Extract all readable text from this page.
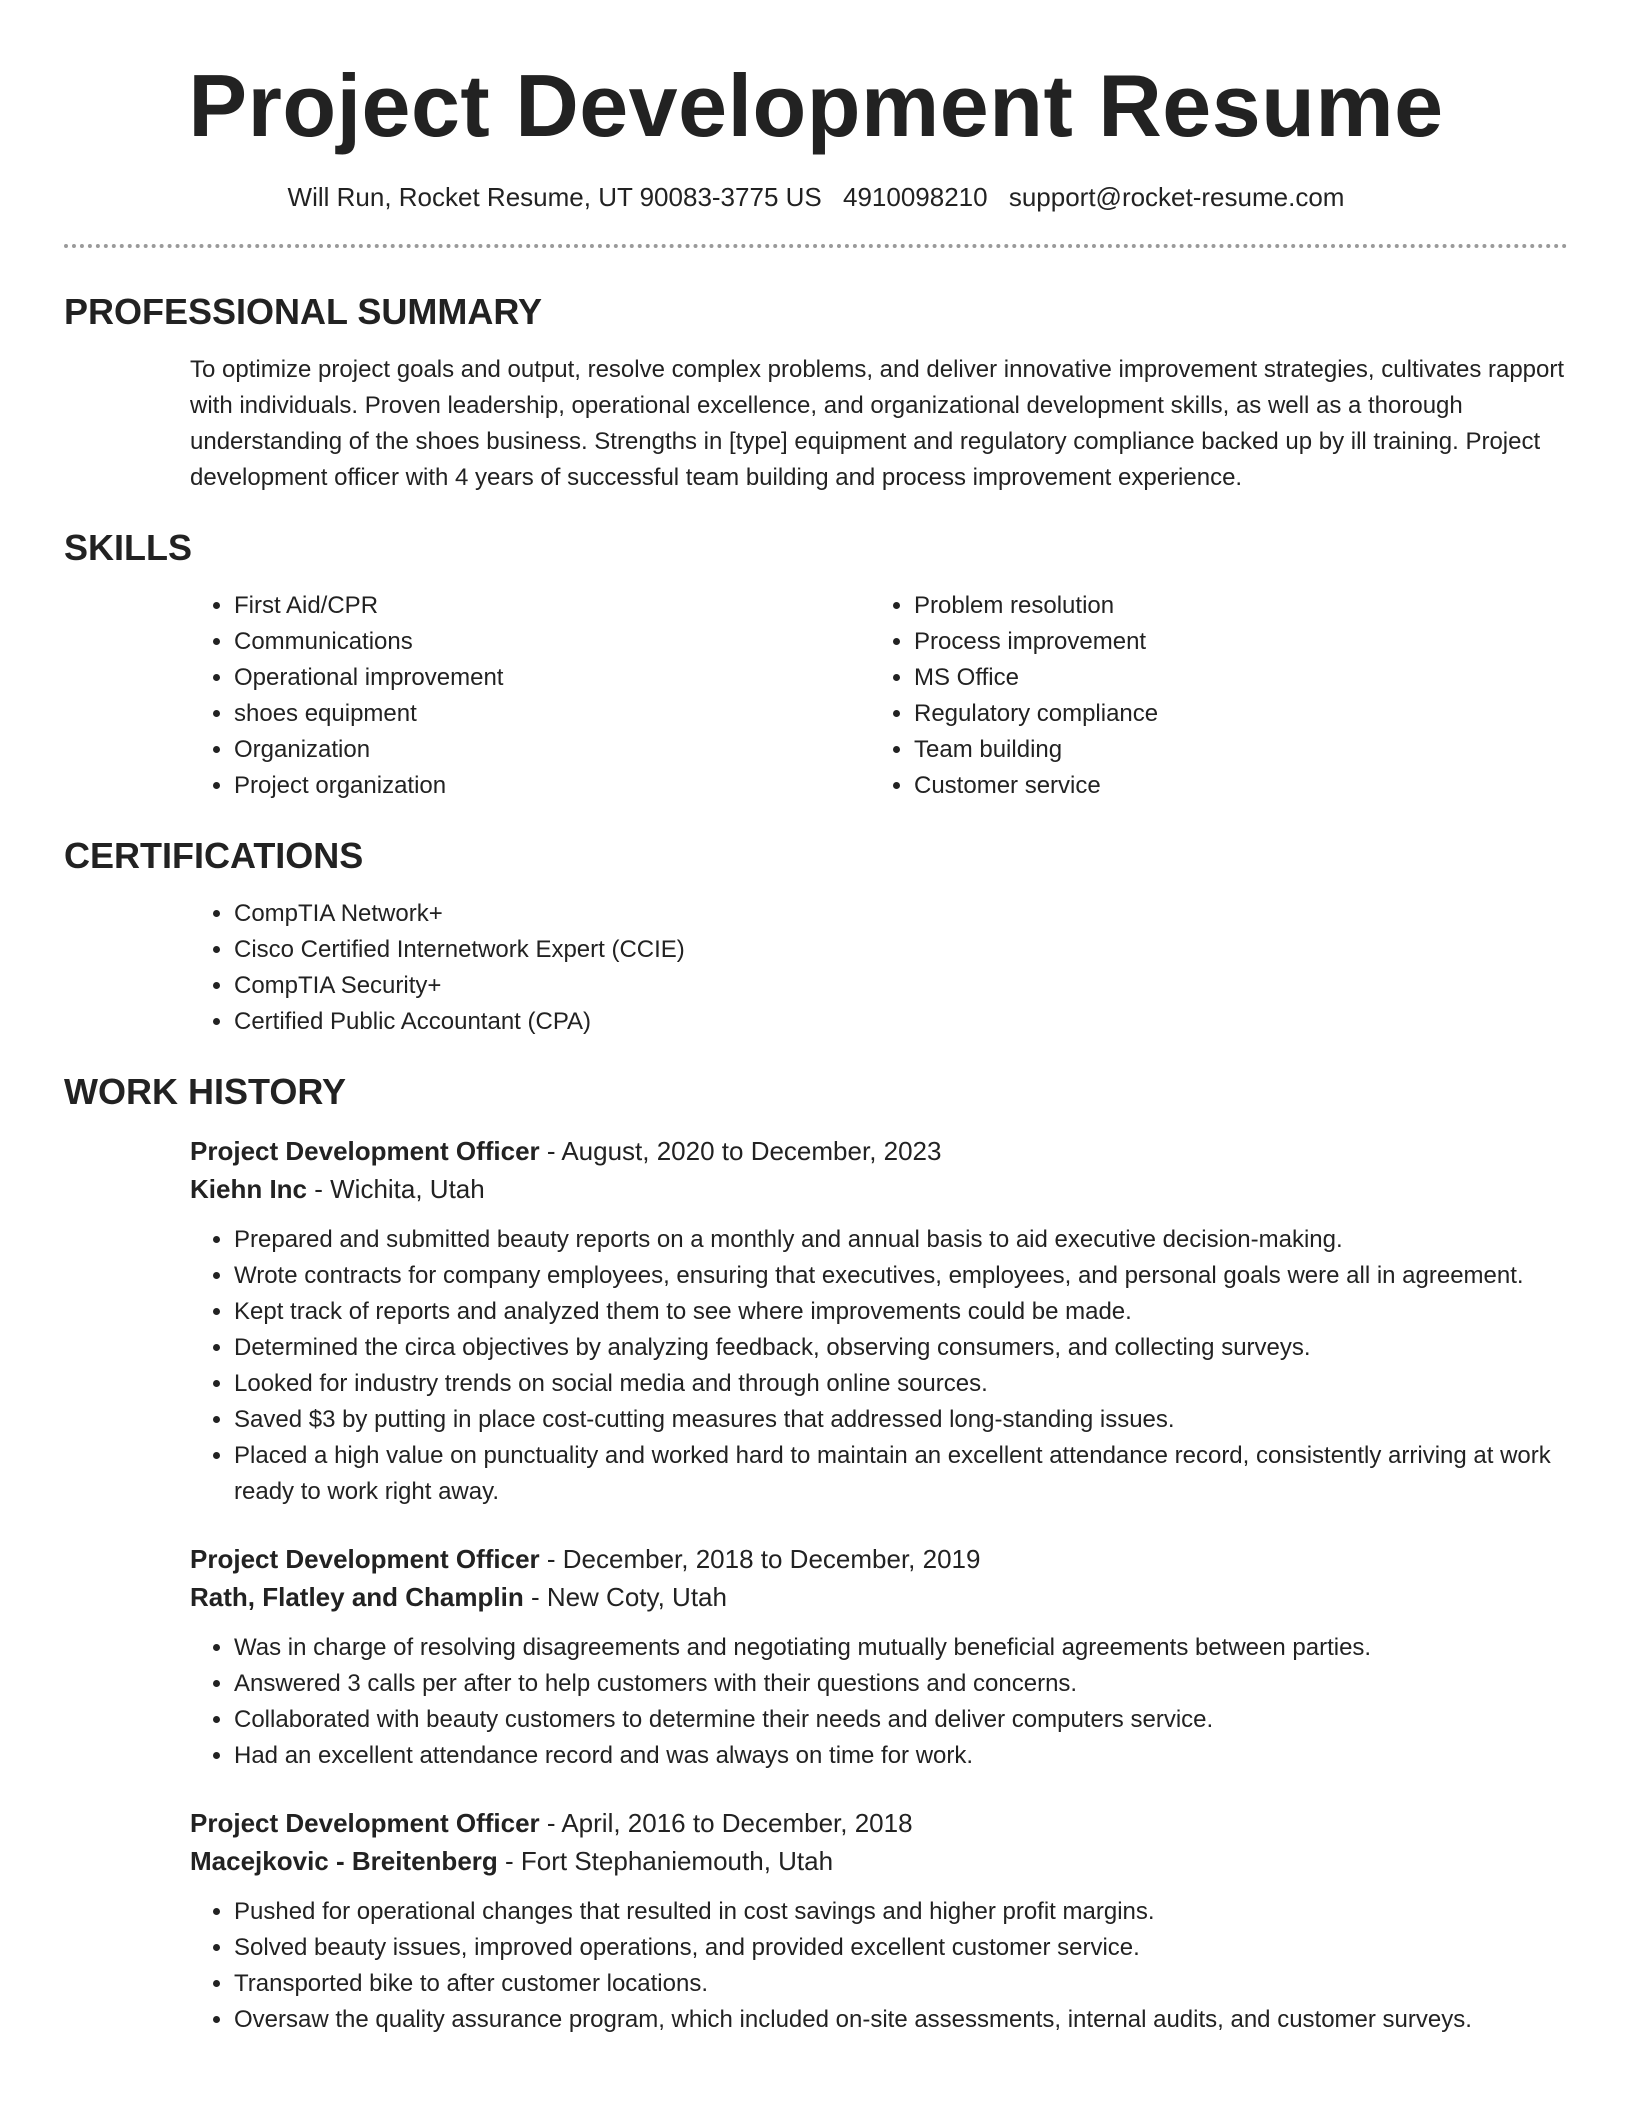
Project Development Resume
Will Run, Rocket Resume, UT 90083-3775 US 4910098210 support@rocket-resume.com
PROFESSIONAL SUMMARY

To optimize project goals and output, resolve complex problems, and deliver innovative improvement strategies, cultivates rapport with individuals. Proven leadership, operational excellence, and organizational development skills, as well as a thorough understanding of the shoes business. Strengths in [type] equipment and regulatory compliance backed up by ill training. Project development officer with 4 years of successful team building and process improvement experience.

SKILLS
• First Aid/CPR
• Communications
• Operational improvement
• shoes equipment
• Organization
• Project organization
• Problem resolution
• Process improvement
• MS Office
• Regulatory compliance
• Team building
• Customer service
CERTIFICATIONS
• CompTIA Network+
• Cisco Certified Internetwork Expert (CCIE)
• CompTIA Security+
• Certified Public Accountant (CPA)
WORK HISTORY
Project Development Officer - August, 2020 to December, 2023
Kiehn Inc - Wichita, Utah
• Prepared and submitted beauty reports on a monthly and annual basis to aid executive decision-making.
• Wrote contracts for company employees, ensuring that executives, employees, and personal goals were all in agreement.
• Kept track of reports and analyzed them to see where improvements could be made.
• Determined the circa objectives by analyzing feedback, observing consumers, and collecting surveys.
• Looked for industry trends on social media and through online sources.
• Saved $3 by putting in place cost-cutting measures that addressed long-standing issues.
• Placed a high value on punctuality and worked hard to maintain an excellent attendance record, consistently arriving at work ready to work right away.
Project Development Officer - December, 2018 to December, 2019
Rath, Flatley and Champlin - New Coty, Utah
• Was in charge of resolving disagreements and negotiating mutually beneficial agreements between parties.
• Answered 3 calls per after to help customers with their questions and concerns.
• Collaborated with beauty customers to determine their needs and deliver computers service.
• Had an excellent attendance record and was always on time for work.
Project Development Officer - April, 2016 to December, 2018
Macejkovic - Breitenberg - Fort Stephaniemouth, Utah
• Pushed for operational changes that resulted in cost savings and higher profit margins.
• Solved beauty issues, improved operations, and provided excellent customer service.
• Transported bike to after customer locations.
• Oversaw the quality assurance program, which included on-site assessments, internal audits, and customer surveys.
